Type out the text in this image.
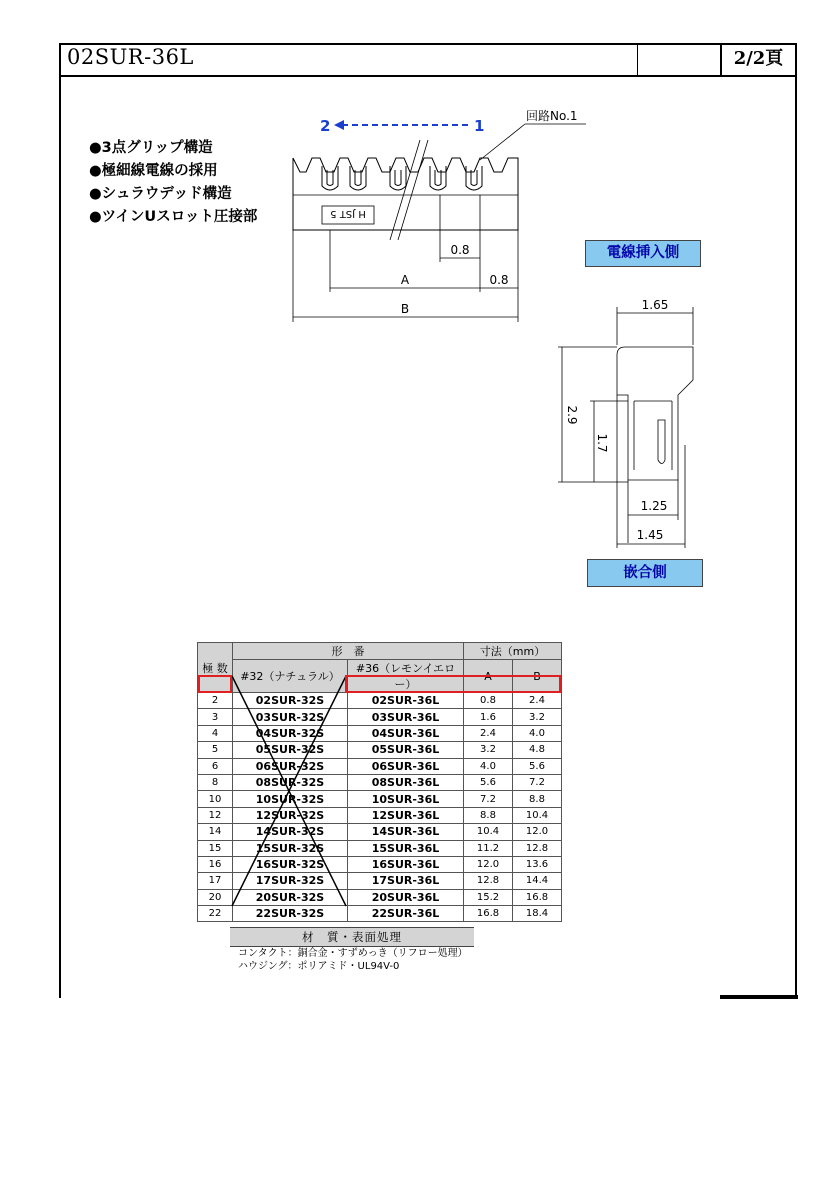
02SUR-36L	2/2頁
●3点グリップ構造
●極細線電線の採用
●シュラウデッド構造
●ツインUスロット圧接部
回路No.1
2	1
H JST 5
0.8
A	0.8
B
電線挿入側
1.65
2.9
1.7
1.25
1.45
嵌合側
極 数	形　番		寸法（mm）	
	#32（ナチュラル）	#36（レモンイエロー）	A	B
2	02SUR-32S	02SUR-36L	0.8	2.4
3	03SUR-32S	03SUR-36L	1.6	3.2
4	04SUR-32S	04SUR-36L	2.4	4.0
5	05SUR-32S	05SUR-36L	3.2	4.8
6	06SUR-32S	06SUR-36L	4.0	5.6
8	08SUR-32S	08SUR-36L	5.6	7.2
10	10SUR-32S	10SUR-36L	7.2	8.8
12	12SUR-32S	12SUR-36L	8.8	10.4
14	14SUR-32S	14SUR-36L	10.4	12.0
15	15SUR-32S	15SUR-36L	11.2	12.8
16	16SUR-32S	16SUR-36L	12.0	13.6
17	17SUR-32S	17SUR-36L	12.8	14.4
20	20SUR-32S	20SUR-36L	15.2	16.8
22	22SUR-32S	22SUR-36L	16.8	18.4
材　質・表面処理
コンタクト：銅合金・すずめっき（リフロー処理）
ハウジング：ポリアミド・UL94V-0
